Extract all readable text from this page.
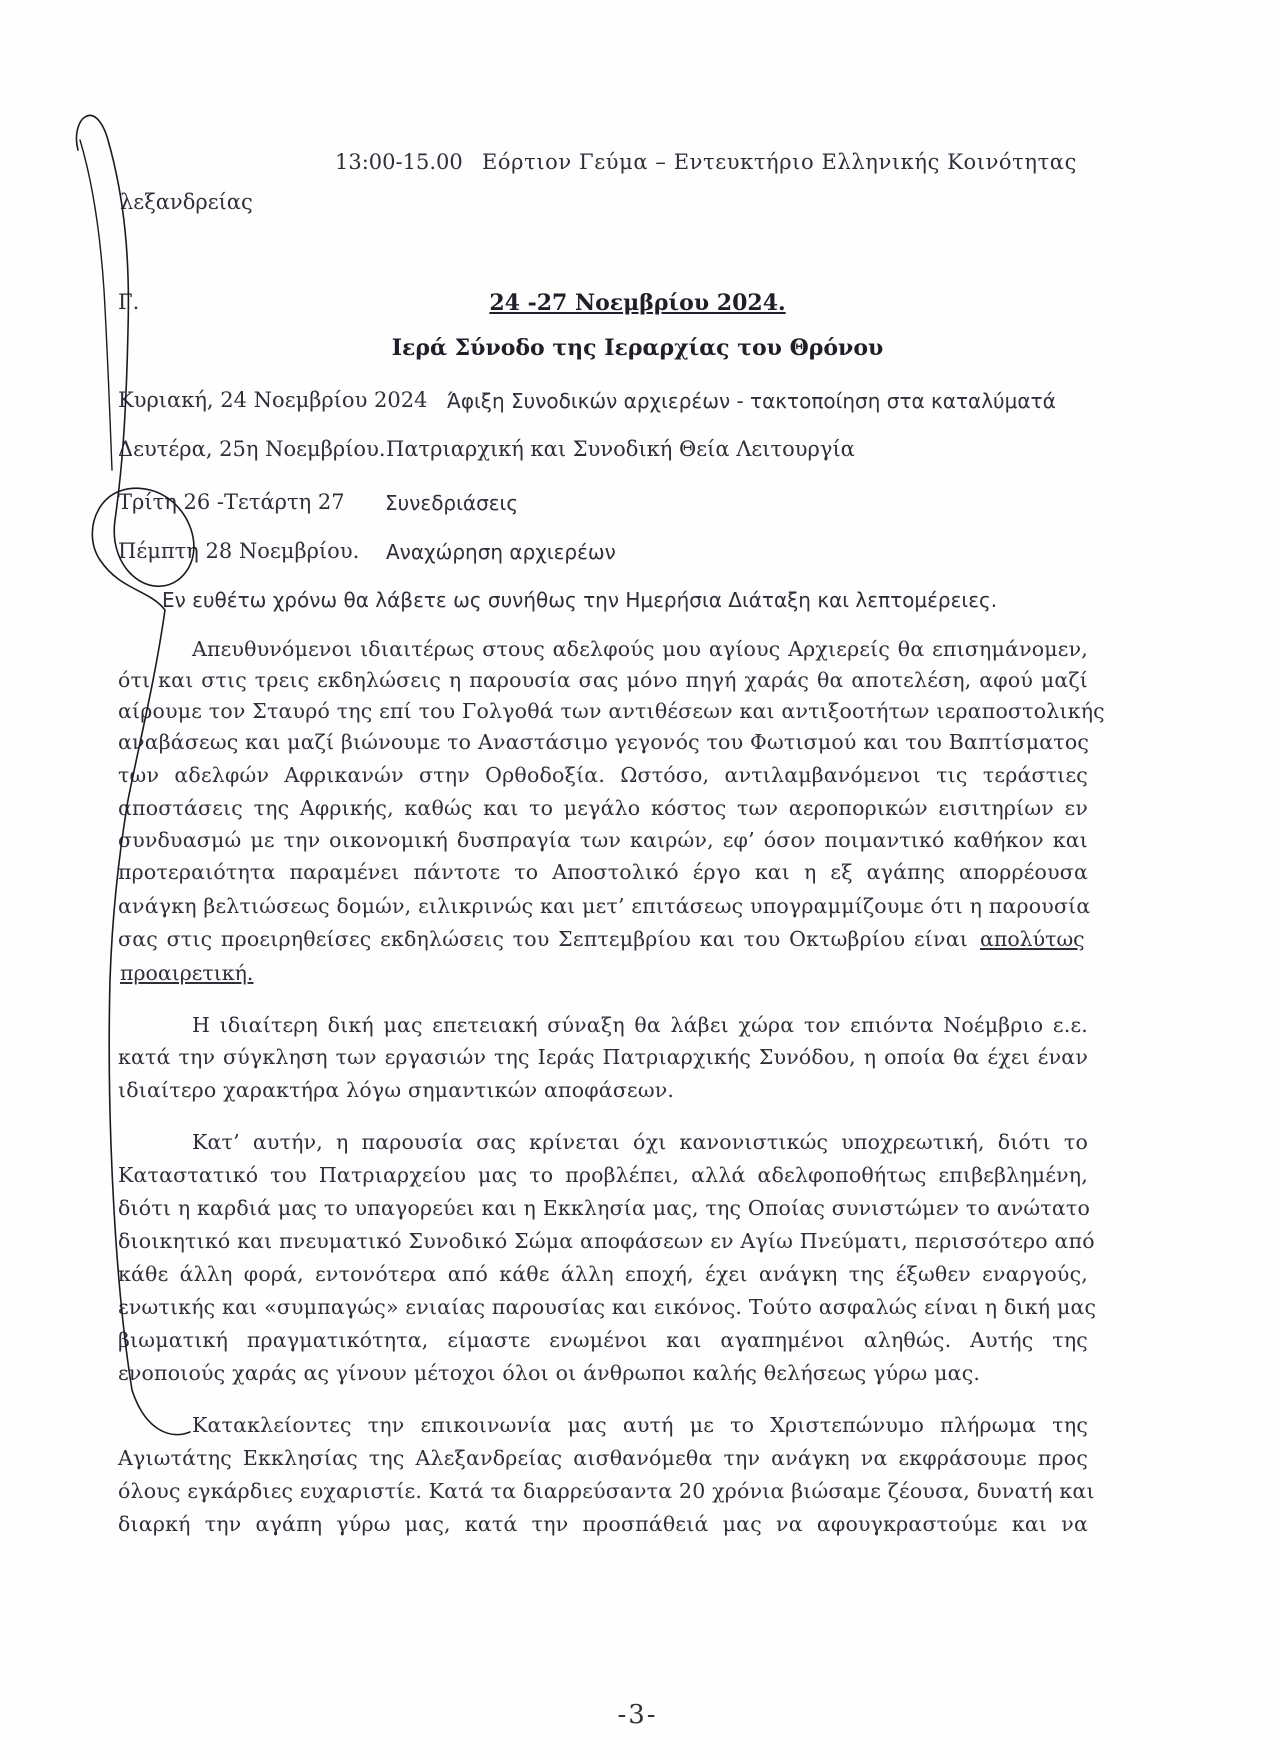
13:00-15.00 Εόρτιον Γεύμα – Εντευκτήριο Ελληνικής Κοινότητας
λεξανδρείας
Γ.	24 -27 Νοεμβρίου 2024.
Ιερά Σύνοδο της Ιεραρχίας του Θρόνου
Κυριακή, 24 Νοεμβρίου 2024 Άφιξη Συνοδικών αρχιερέων - τακτοποίηση στα καταλύματά
Δευτέρα, 25η Νοεμβρίου. Πατριαρχική και Συνοδική Θεία Λειτουργία
Τρίτη 26 -Τετάρτη 27 Συνεδριάσεις
Πέμπτη 28 Νοεμβρίου. Αναχώρηση αρχιερέων
Εν ευθέτω χρόνω θα λάβετε ως συνήθως την Ημερήσια Διάταξη και λεπτομέρειες.
Απευθυνόμενοι ιδιαιτέρως στους αδελφούς μου αγίους Αρχιερείς θα επισημάνομεν,
ότι και στις τρεις εκδηλώσεις η παρουσία σας μόνο πηγή χαράς θα αποτελέση, αφού μαζί
αίρουμε τον Σταυρό της επί του Γολγοθά των αντιθέσεων και αντιξοοτήτων ιεραποστολικής
αναβάσεως και μαζί βιώνουμε το Αναστάσιμο γεγονός του Φωτισμού και του Βαπτίσματος
των αδελφών Αφρικανών στην Ορθοδοξία. Ωστόσο, αντιλαμβανόμενοι τις τεράστιες
αποστάσεις της Αφρικής, καθώς και το μεγάλο κόστος των αεροπορικών εισιτηρίων εν
συνδυασμώ με την οικονομική δυσπραγία των καιρών, εφ’ όσον ποιμαντικό καθήκον και
προτεραιότητα παραμένει πάντοτε το Αποστολικό έργο και η εξ αγάπης απορρέουσα
ανάγκη βελτιώσεως δομών, ειλικρινώς και μετ’ επιτάσεως υπογραμμίζουμε ότι η παρουσία
σας στις προειρηθείσες εκδηλώσεις του Σεπτεμβρίου και του Οκτωβρίου είναι απολύτως
προαιρετική.
Η ιδιαίτερη δική μας επετειακή σύναξη θα λάβει χώρα τον επιόντα Νοέμβριο ε.ε.
κατά την σύγκληση των εργασιών της Ιεράς Πατριαρχικής Συνόδου, η οποία θα έχει έναν
ιδιαίτερο χαρακτήρα λόγω σημαντικών αποφάσεων.
Κατ’ αυτήν, η παρουσία σας κρίνεται όχι κανονιστικώς υποχρεωτική, διότι το
Καταστατικό του Πατριαρχείου μας το προβλέπει, αλλά αδελφοποθήτως επιβεβλημένη,
διότι η καρδιά μας το υπαγορεύει και η Εκκλησία μας, της Οποίας συνιστώμεν το ανώτατο
διοικητικό και πνευματικό Συνοδικό Σώμα αποφάσεων εν Αγίω Πνεύματι, περισσότερο από
κάθε άλλη φορά, εντονότερα από κάθε άλλη εποχή, έχει ανάγκη της έξωθεν εναργούς,
ενωτικής και «συμπαγώς» ενιαίας παρουσίας και εικόνος. Τούτο ασφαλώς είναι η δική μας
βιωματική πραγματικότητα, είμαστε ενωμένοι και αγαπημένοι αληθώς. Αυτής της
ενοποιούς χαράς ας γίνουν μέτοχοι όλοι οι άνθρωποι καλής θελήσεως γύρω μας.
Κατακλείοντες την επικοινωνία μας αυτή με το Χριστεπώνυμο πλήρωμα της
Αγιωτάτης Εκκλησίας της Αλεξανδρείας αισθανόμεθα την ανάγκη να εκφράσουμε προς
όλους εγκάρδιες ευχαριστίε. Κατά τα διαρρεύσαντα 20 χρόνια βιώσαμε ζέουσα, δυνατή και
διαρκή την αγάπη γύρω μας, κατά την προσπάθειά μας να αφουγκραστούμε και να
-3-
